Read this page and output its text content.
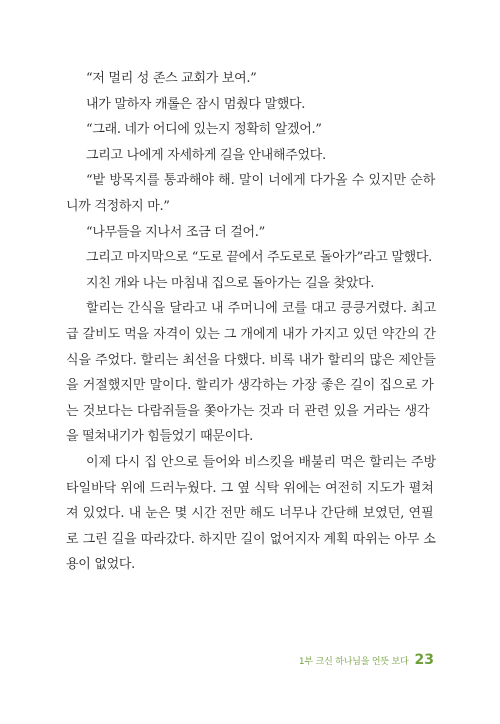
“저 멀리 성 존스 교회가 보여.”

내가 말하자 캐롤은 잠시 멈췄다 말했다.

“그래. 네가 어디에 있는지 정확히 알겠어.”

그리고 나에게 자세하게 길을 안내해주었다.

“밭 방목지를 통과해야 해. 말이 너에게 다가올 수 있지만 순하
니까 걱정하지 마.”

“나무들을 지나서 조금 더 걸어.”

그리고 마지막으로 “도로 끝에서 주도로로 돌아가”라고 말했다.

지친 개와 나는 마침내 집으로 돌아가는 길을 찾았다.

할리는 간식을 달라고 내 주머니에 코를 대고 킁킁거렸다. 최고
급 갈비도 먹을 자격이 있는 그 개에게 내가 가지고 있던 약간의 간
식을 주었다. 할리는 최선을 다했다. 비록 내가 할리의 많은 제안들
을 거절했지만 말이다. 할리가 생각하는 가장 좋은 길이 집으로 가
는 것보다는 다람쥐들을 쫓아가는 것과 더 관련 있을 거라는 생각
을 떨쳐내기가 힘들었기 때문이다.

이제 다시 집 안으로 들어와 비스킷을 배불리 먹은 할리는 주방
타일바닥 위에 드러누웠다. 그 옆 식탁 위에는 여전히 지도가 펼쳐
져 있었다. 내 눈은 몇 시간 전만 해도 너무나 간단해 보였던, 연필
로 그린 길을 따라갔다. 하지만 길이 없어지자 계획 따위는 아무 소
용이 없었다.

1부 크신 하나님을 언뜻 보다 23
